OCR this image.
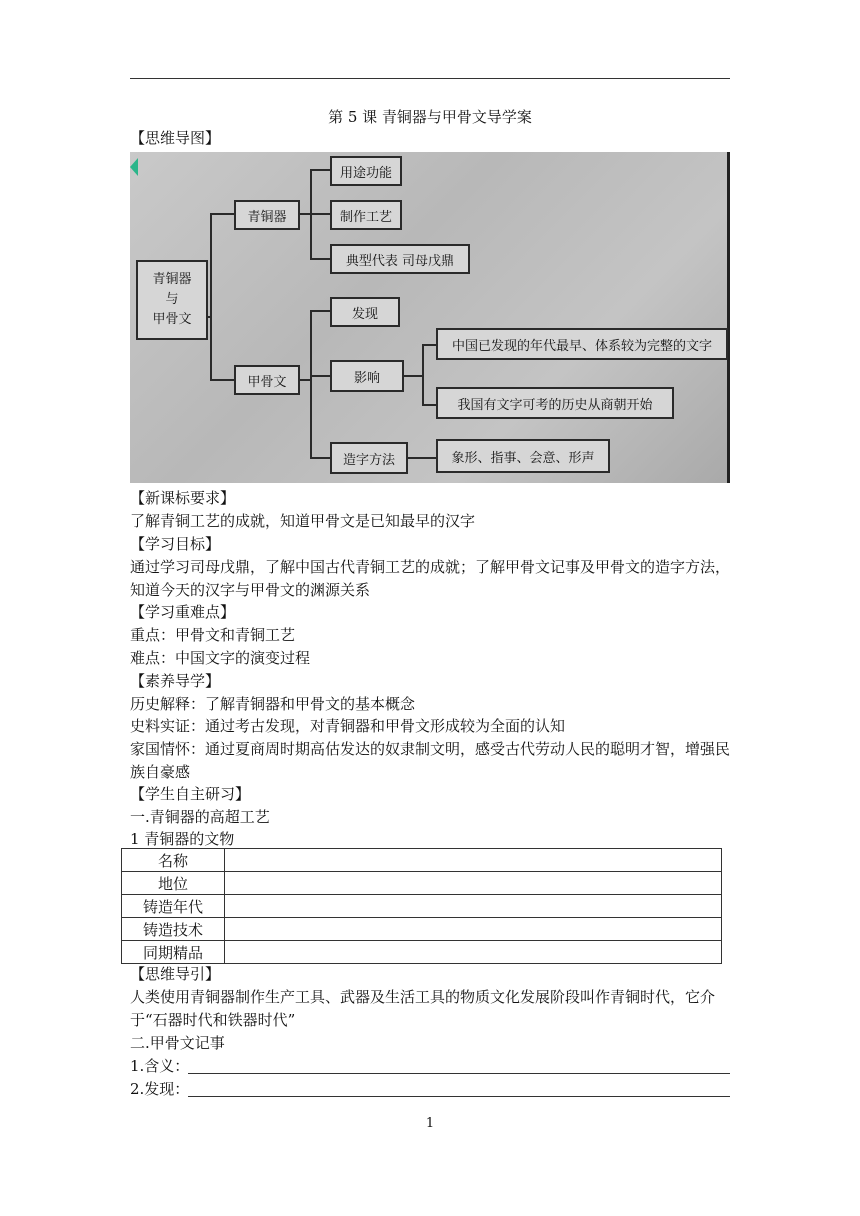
第 5 课 青铜器与甲骨文导学案
【思维导图】
青铜器
与
甲骨文
青铜器
甲骨文
用途功能
制作工艺
典型代表 司母戊鼎
发现
影响
造字方法
中国已发现的年代最早、体系较为完整的文字
我国有文字可考的历史从商朝开始
象形、指事、会意、形声
【新课标要求】
了解青铜工艺的成就，知道甲骨文是已知最早的汉字
【学习目标】
通过学习司母戊鼎，了解中国古代青铜工艺的成就；了解甲骨文记事及甲骨文的造字方法，知道今天的汉字与甲骨文的渊源关系
【学习重难点】
重点：甲骨文和青铜工艺
难点：中国文字的演变过程
【素养导学】
历史解释：了解青铜器和甲骨文的基本概念
史料实证：通过考古发现，对青铜器和甲骨文形成较为全面的认知
家国情怀：通过夏商周时期高估发达的奴隶制文明，感受古代劳动人民的聪明才智，增强民族自豪感
【学生自主研习】
一.青铜器的高超工艺
1 青铜器的文物
名称	
地位	
铸造年代	
铸造技术	
同期精品	
【思维导引】
人类使用青铜器制作生产工具、武器及生活工具的物质文化发展阶段叫作青铜时代，它介于“石器时代和铁器时代”
二.甲骨文记事
1.含义：
2.发现：
1
